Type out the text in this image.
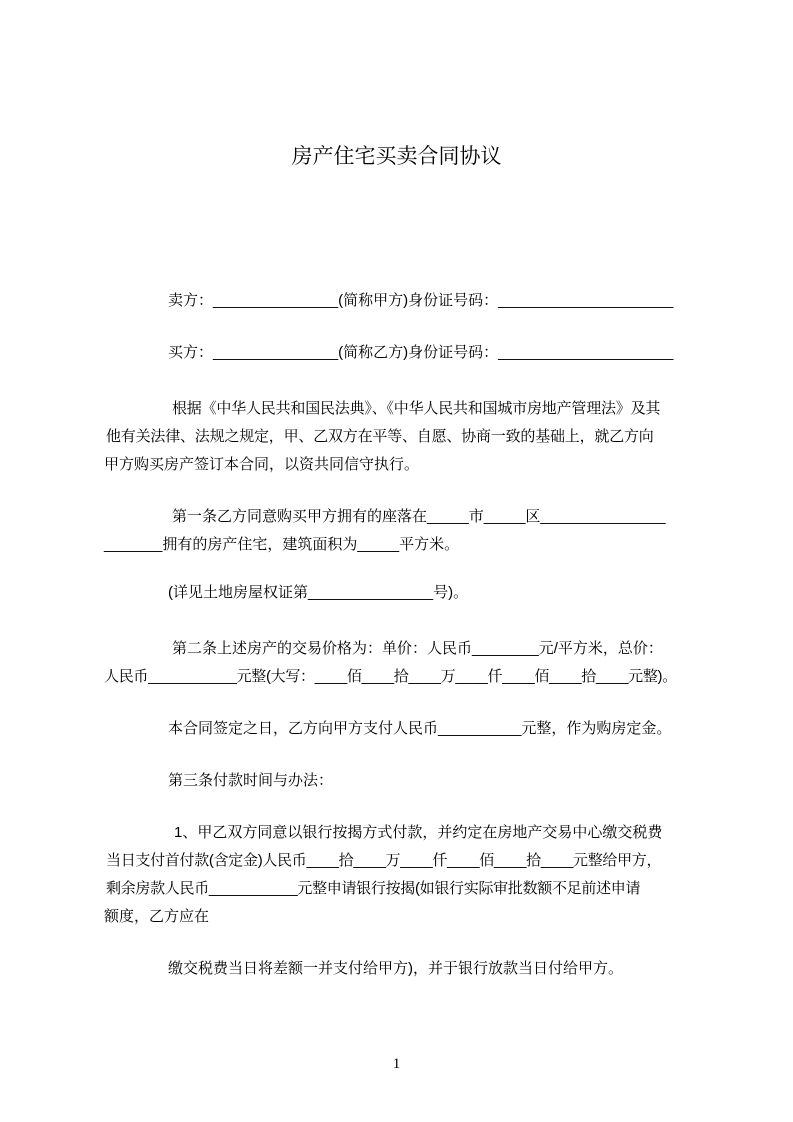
房产住宅买卖合同协议
卖方：_______________(简称甲方)身份证号码：_____________________
买方：_______________(简称乙方)身份证号码：_____________________
根据《中华人民共和国民法典》、《中华人民共和国城市房地产管理法》及其
他有关法律、法规之规定，甲、乙双方在平等、自愿、协商一致的基础上，就乙方向
甲方购买房产签订本合同，以资共同信守执行。
第一条乙方同意购买甲方拥有的座落在_____市_____区_______________
_______拥有的房产住宅，建筑面积为_____平方米。
(详见土地房屋权证第_______________号)。
第二条上述房产的交易价格为：单价：人民币________元/平方米，总价：
人民币___________元整(大写：____佰____拾____万____仟____佰____拾____元整)。
本合同签定之日，乙方向甲方支付人民币__________元整，作为购房定金。
第三条付款时间与办法：
1、甲乙双方同意以银行按揭方式付款，并约定在房地产交易中心缴交税费
当日支付首付款(含定金)人民币____拾____万____仟____佰____拾____元整给甲方，
剩余房款人民币___________元整申请银行按揭(如银行实际审批数额不足前述申请
额度，乙方应在
缴交税费当日将差额一并支付给甲方)，并于银行放款当日付给甲方。
1
